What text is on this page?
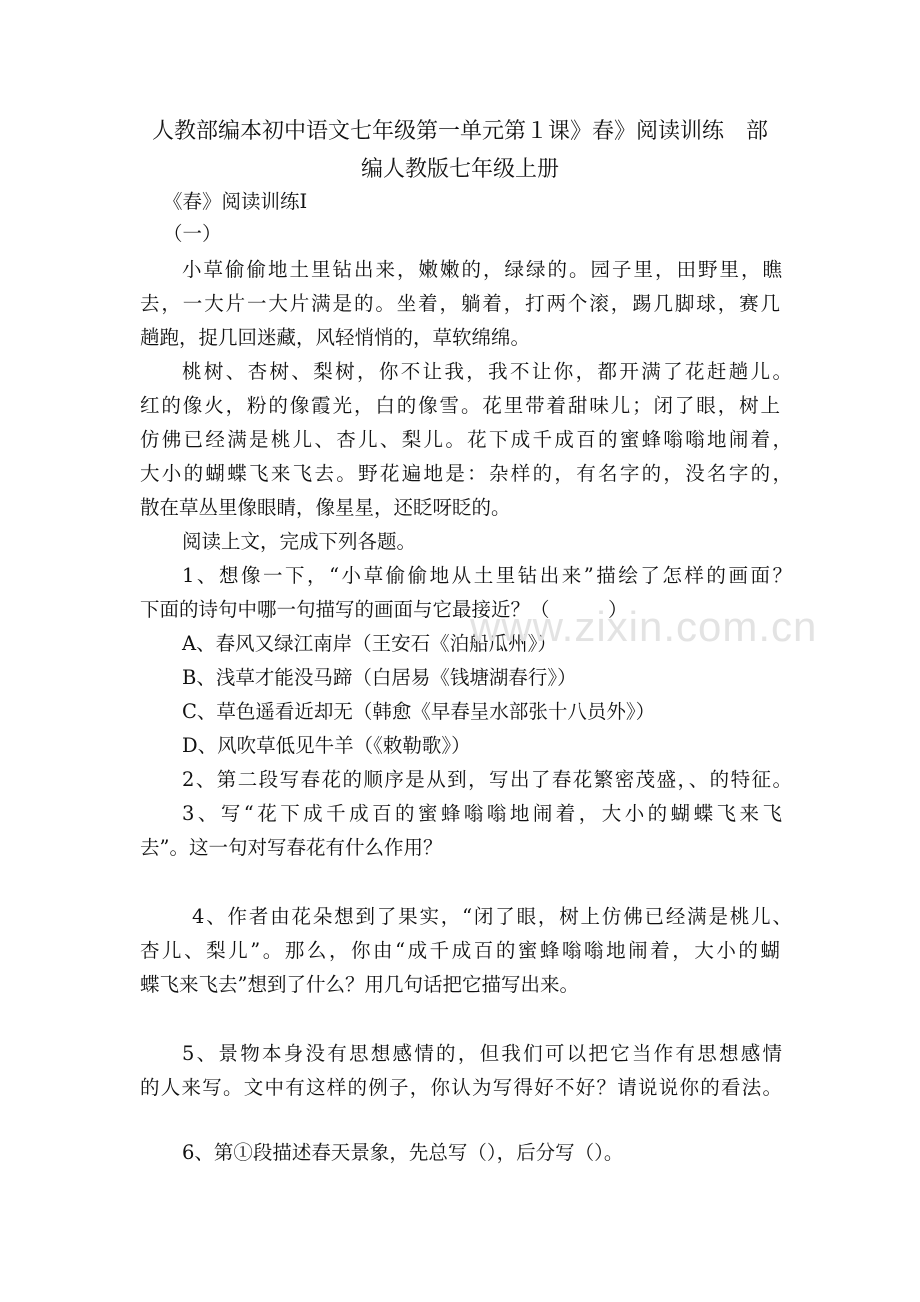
人教部编本初中语文七年级第一单元第１课》春》阅读训练　部
编人教版七年级上册
《春》阅读训练Ⅰ
（一）
小草偷偷地土里钻出来，嫩嫩的，绿绿的。园子里，田野里，瞧
去，一大片一大片满是的。坐着，躺着，打两个滚，踢几脚球，赛几
趟跑，捉几回迷藏，风轻悄悄的，草软绵绵。
桃树、杏树、梨树，你不让我，我不让你，都开满了花赶趟儿。
红的像火，粉的像霞光，白的像雪。花里带着甜味儿；闭了眼，树上
仿佛已经满是桃儿、杏儿、梨儿。花下成千成百的蜜蜂嗡嗡地闹着，
大小的蝴蝶飞来飞去。野花遍地是：杂样的，有名字的，没名字的，
散在草丛里像眼睛，像星星，还眨呀眨的。
阅读上文，完成下列各题。
1、想像一下，“小草偷偷地从土里钻出来”描绘了怎样的画面？
下面的诗句中哪一句描写的画面与它最接近？（　　　）
A、春风又绿江南岸（王安石《泊船瓜州》）
B、浅草才能没马蹄（白居易《钱塘湖春行》）
C、草色遥看近却无（韩愈《早春呈水部张十八员外》）
D、风吹草低见牛羊（《敕勒歌》）
2、第二段写春花的顺序是从到，写出了春花繁密茂盛，、的特征。
3、写“花下成千成百的蜜蜂嗡嗡地闹着，大小的蝴蝶飞来飞
去”。这一句对写春花有什么作用？
4、作者由花朵想到了果实，“闭了眼，树上仿佛已经满是桃儿、
杏儿、梨儿”。那么，你由“成千成百的蜜蜂嗡嗡地闹着，大小的蝴
蝶飞来飞去”想到了什么？用几句话把它描写出来。
5、景物本身没有思想感情的，但我们可以把它当作有思想感情
的人来写。文中有这样的例子，你认为写得好不好？请说说你的看法。
6、第①段描述春天景象，先总写（），后分写（）。
www.zixin.com.cn
